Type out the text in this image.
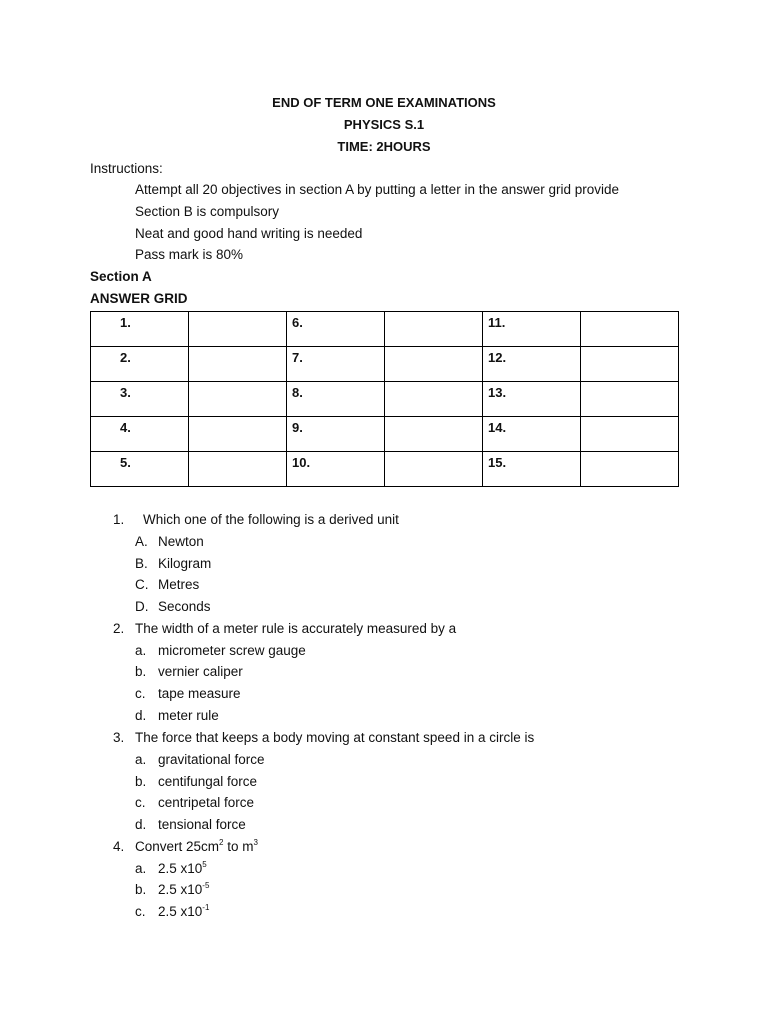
END OF TERM ONE EXAMINATIONS
PHYSICS S.1
TIME: 2HOURS
Instructions:
Attempt all 20 objectives in section A by putting a letter in the answer grid provide
Section B is compulsory
Neat and good hand writing is needed
Pass mark is 80%
Section A
ANSWER GRID
1.		6.		11.	

2.		7.		12.	

3.		8.		13.	

4.		9.		14.	

5.		10.		15.	

1. Which one of the following is a derived unit
A. Newton
B. Kilogram
C. Metres
D. Seconds
2. The width of a meter rule is accurately measured by a
a. micrometer screw gauge
b. vernier caliper
c. tape measure
d. meter rule
3. The force that keeps a body moving at constant speed in a circle is
a. gravitational force
b. centifungal force
c. centripetal force
d. tensional force
4. Convert $25cm^2$ to $m^3$
a. 2.5 $x10^5$
b. 2.5 $x10^{-5}$
c. 2.5 $x10^{-1}$
